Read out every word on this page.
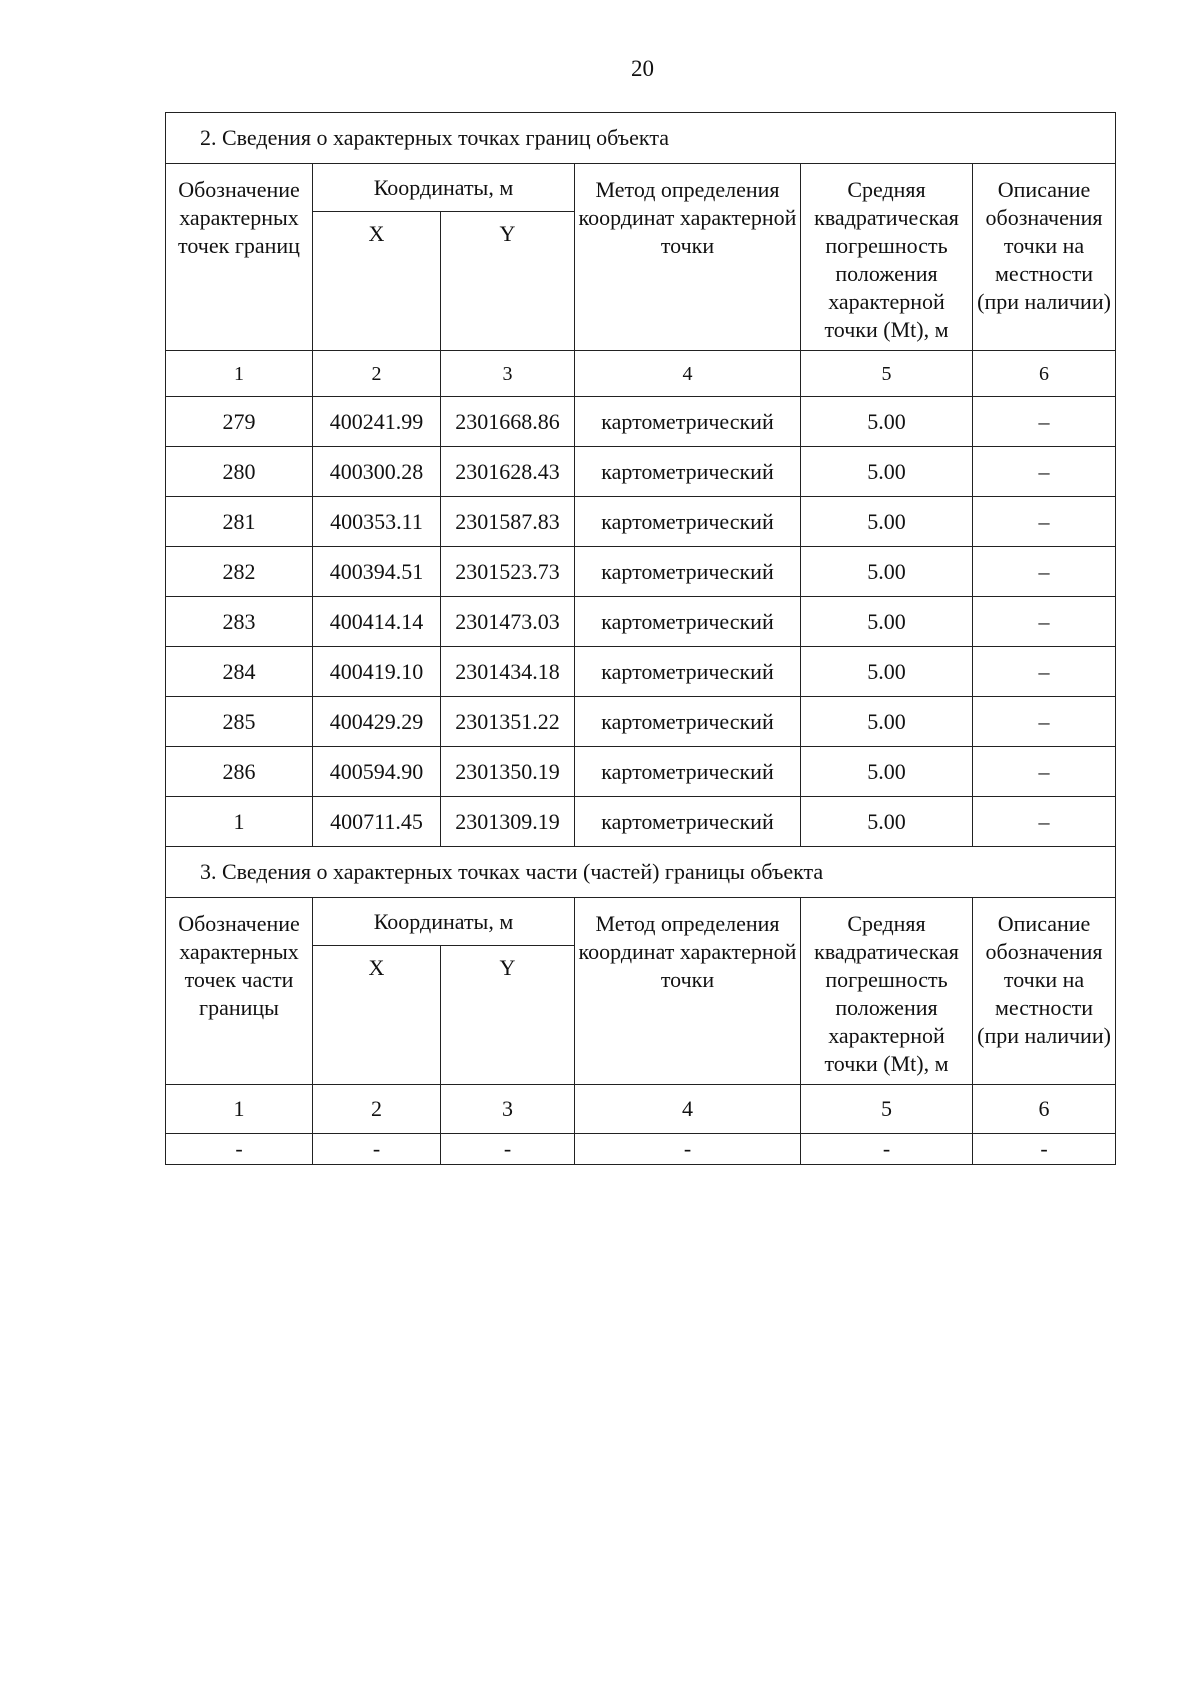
20
2. Сведения о характерных точках границ объекта					
Обозначение характерных точек границ	Координаты, м		Метод определения координат характерной точки	Средняя квадратическая погрешность положения характерной точки (Mt), м	Описание обозначения точки на местности (при наличии)
	X	Y			
1	2	3	4	5	6
279	400241.99	2301668.86	картометрический	5.00	–
280	400300.28	2301628.43	картометрический	5.00	–
281	400353.11	2301587.83	картометрический	5.00	–
282	400394.51	2301523.73	картометрический	5.00	–
283	400414.14	2301473.03	картометрический	5.00	–
284	400419.10	2301434.18	картометрический	5.00	–
285	400429.29	2301351.22	картометрический	5.00	–
286	400594.90	2301350.19	картометрический	5.00	–
1	400711.45	2301309.19	картометрический	5.00	–
3. Сведения о характерных точках части (частей) границы объекта					
Обозначение характерных точек части границы	Координаты, м		Метод определения координат характерной точки	Средняя квадратическая погрешность положения характерной точки (Mt), м	Описание обозначения точки на местности (при наличии)
	X	Y			
1	2	3	4	5	6
-	-	-	-	-	-
